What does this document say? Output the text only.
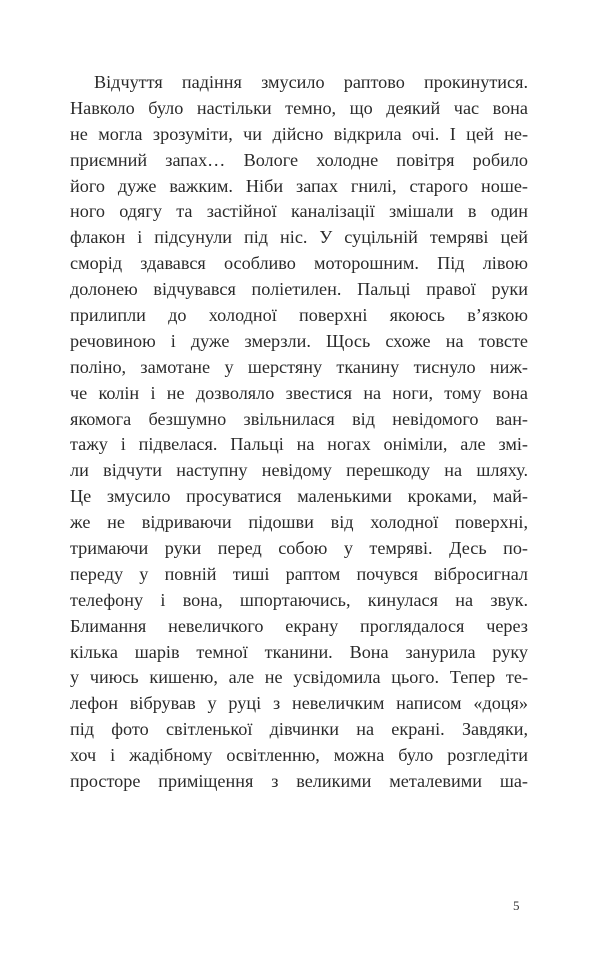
Відчуття падіння змусило раптово прокинутися.
Навколо було настільки темно, що деякий час вона
не могла зрозуміти, чи дійсно відкрила очі. І цей не-
приємний запах… Вологе холодне повітря робило
його дуже важким. Ніби запах гнилі, старого ноше-
ного одягу та застійної каналізації змішали в один
флакон і підсунули під ніс. У суцільній темряві цей
сморід здавався особливо моторошним. Під лівою
долонею відчувався поліетилен. Пальці правої руки
прилипли до холодної поверхні якоюсь в’язкою
речовиною і дуже змерзли. Щось схоже на товсте
поліно, замотане у шерстяну тканину тиснуло ниж-
че колін і не дозволяло звестися на ноги, тому вона
якомога безшумно звільнилася від невідомого ван-
тажу і підвелася. Пальці на ногах оніміли, але змі-
ли відчути наступну невідому перешкоду на шляху.
Це змусило просуватися маленькими кроками, май-
же не відриваючи підошви від холодної поверхні,
тримаючи руки перед собою у темряві. Десь по-
переду у повній тиші раптом почувся вібросигнал
телефону і вона, шпортаючись, кинулася на звук.
Блимання невеличкого екрану проглядалося через
кілька шарів темної тканини. Вона занурила руку
у чиюсь кишеню, але не усвідомила цього. Тепер те-
лефон вібрував у руці з невеличким написом «доця»
під фото світленької дівчинки на екрані. Завдяки,
хоч і жадібному освітленню, можна було розгледіти
просторе приміщення з великими металевими ша-
5
